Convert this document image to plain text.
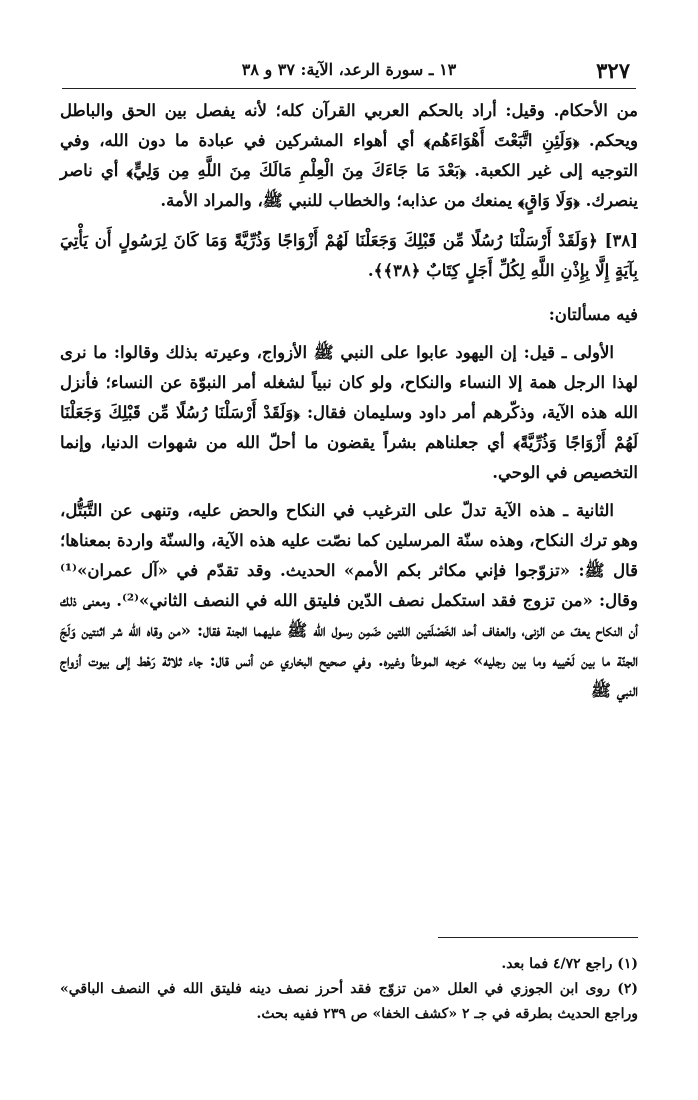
٣٢٧
١٣ ـ سورة الرعد، الآية: ٣٧ و ٣٨

من الأحكام. وقيل: أراد بالحكم العربي القرآن كله؛ لأنه يفصل بين الحق والباطل ويحكم. ﴿وَلَئِنِ اتَّبَعْتَ أَهْوَاءَهُم﴾ أي أهواء المشركين في عبادة ما دون الله، وفي التوجيه إلى غير الكعبة. ﴿بَعْدَ مَا جَاءَكَ مِنَ الْعِلْمِ مَالَكَ مِنَ اللَّهِ مِن وَلِيٍّ﴾ أي ناصر ينصرك. ﴿وَلَا وَاقٍ﴾ يمنعك من عذابه؛ والخطاب للنبي ﷺ، والمراد الأمة.

[٣٨] ﴿وَلَقَدْ أَرْسَلْنَا رُسُلًا مِّن قَبْلِكَ وَجَعَلْنَا لَهُمْ أَزْوَاجًا وَذُرِّيَّةً وَمَا كَانَ لِرَسُولٍ أَن يَأْتِيَ بِآيَةٍ إِلَّا بِإِذْنِ اللَّهِ لِكُلِّ أَجَلٍ كِتَابٌ ﴿٣٨﴾﴾.

فيه مسألتان:

الأولى ـ قيل: إن اليهود عابوا على النبي ﷺ الأزواج، وعيرته بذلك وقالوا: ما نرى لهذا الرجل همة إلا النساء والنكاح، ولو كان نبياً لشغله أمر النبوّة عن النساء؛ فأنزل الله هذه الآية، وذكّرهم أمر داود وسليمان فقال: ﴿وَلَقَدْ أَرْسَلْنَا رُسُلًا مِّن قَبْلِكَ وَجَعَلْنَا لَهُمْ أَزْوَاجًا وَذُرِّيَّةً﴾ أي جعلناهم بشراً يقضون ما أحلّ الله من شهوات الدنيا، وإنما التخصيص في الوحي.

الثانية ـ هذه الآية تدلّ على الترغيب في النكاح والحض عليه، وتنهى عن التَّبَتُّل، وهو ترك النكاح، وهذه سنّة المرسلين كما نصّت عليه هذه الآية، والسنّة واردة بمعناها؛ قال ﷺ: «تزوّجوا فإني مكاثر بكم الأمم» الحديث. وقد تقدّم في «آل عمران»⁽¹⁾ وقال: «من تزوج فقد استكمل نصف الدّين فليتق الله في النصف الثاني»⁽²⁾. ومعنى ذلك أن النكاح يعفّ عن الزنى، والعفاف أحد الخَصْلَتين اللتين ضَمِن رسول الله ﷺ عليهما الجنة فقال: «من وقاه الله شر اثنتين وَلَجَ الجنّة ما بين لَحْييه وما بين رجليه» خرجه الموطأ وغيره. وفي صحيح البخاري عن أنس قال: جاء ثلاثة رَهْط إلى بيوت أزواج النبي ﷺ

(١) راجع ٤/٧٢ فما بعد.

(٢) روى ابن الجوزي في العلل «من تزوّج فقد أحرز نصف دينه فليتق الله في النصف الباقي» وراجع الحديث بطرقه في جـ ٢ «كشف الخفا» ص ٢٣٩ ففيه بحث.
